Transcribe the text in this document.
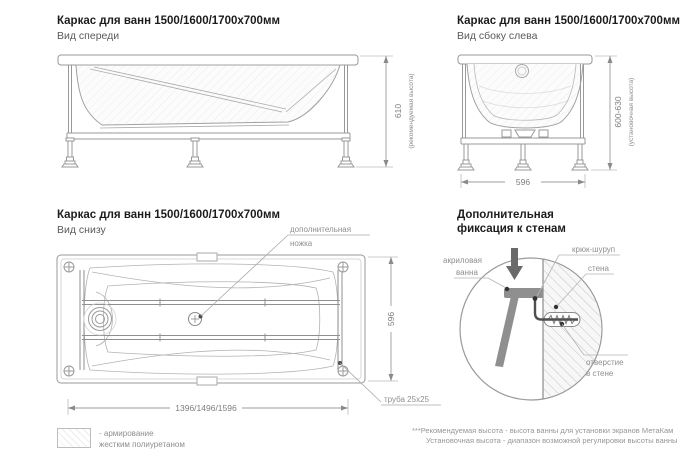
Каркас для ванн 1500/1600/1700x700мм
Вид спереди
Каркас для ванн 1500/1600/1700x700мм
Вид сбоку слева
Каркас для ванн 1500/1600/1700x700мм
Вид снизу
Дополнительная
фиксация к стенам
610 (рекомендуемая высота)
596
600-630 (установочная высота)
дополнительная
ножка
596
1396/1496/1596
труба 25x25
акриловая
ванна
крюк-шуруп
стена
отверстие
в стене
- армирование
жестким полиуретаном
***Рекомендуемая высота - высота ванны для установки экранов МетаКам
Установочная высота - диапазон возможной регулировки высоты ванны
